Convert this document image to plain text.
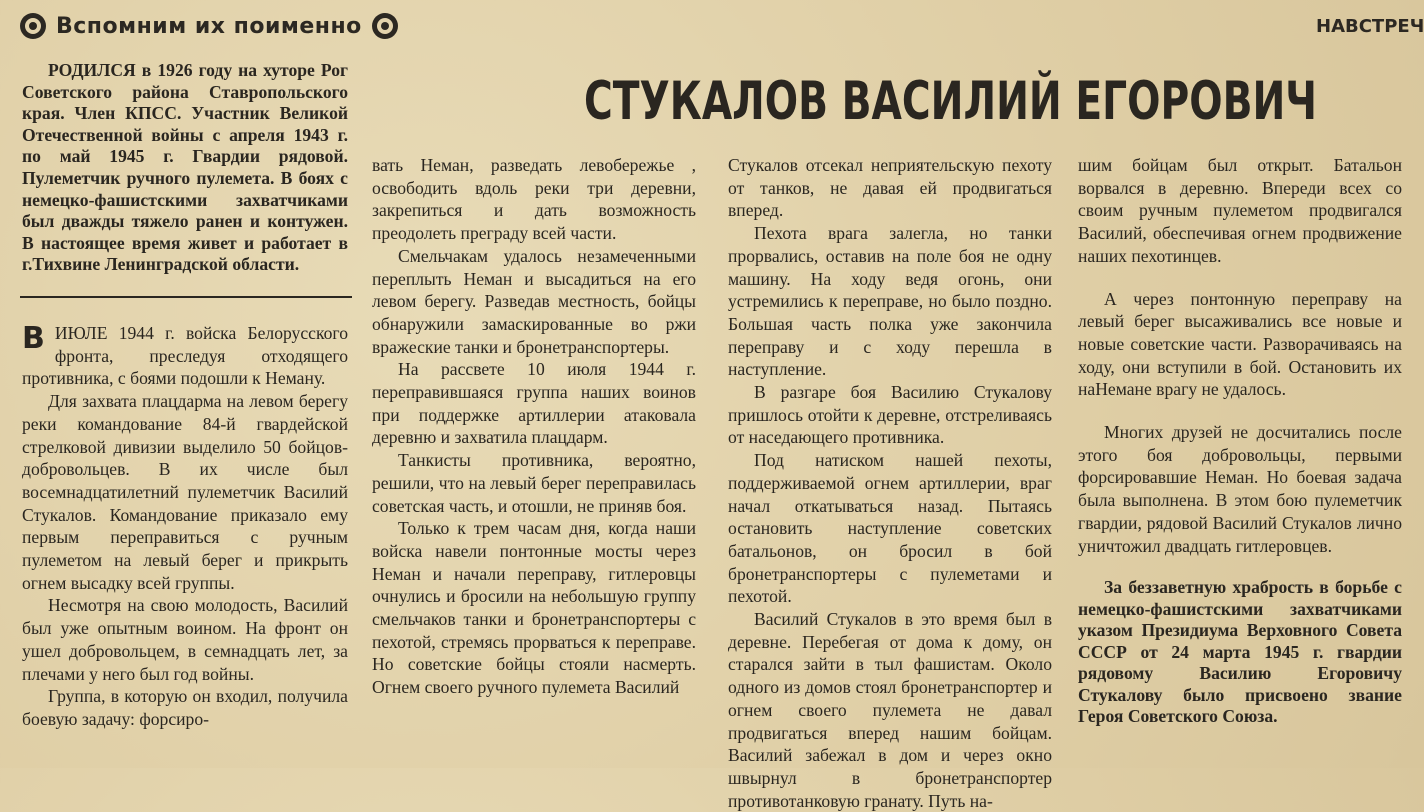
Вспомним их поименно	НАВСТРЕЧ
СТУКАЛОВ ВАСИЛИЙ ЕГОРОВИЧ

РОДИЛСЯ в 1926 году на хуторе Рог Советского района Ставропольского края. Член КПСС. Участник Великой Отечественной войны с апреля 1943 г. по май 1945 г. Гвардии рядовой. Пулеметчик ручного пулемета. В боях с немецко-фашистскими захватчиками был дважды тяжело ранен и контужен. В настоящее время живет и работает в г.Тихвине Ленинградской области.

ВИЮЛЕ 1944 г. войска Белорусского фронта, преследуя отходящего противника, с боями подошли к Неману.

Для захвата плацдарма на левом берегу реки командование 84-й гвардейской стрелковой дивизии выделило 50 бойцов-добровольцев. В их числе был восемнадцатилетний пулеметчик Василий Стукалов. Командование приказало ему первым переправиться с ручным пулеметом на левый берег и прикрыть огнем высадку всей группы.

Несмотря на свою молодость, Василий был уже опытным воином. На фронт он ушел добровольцем, в семнадцать лет, за плечами у него был год войны.

Группа, в которую он входил, получила боевую задачу: форсиро-

вать Неман, разведать левобережье , освободить вдоль реки три деревни, закрепиться и дать возможность преодолеть преграду всей части.

Смельчакам удалось незамеченными переплыть Неман и высадиться на его левом берегу. Разведав местность, бойцы обнаружили замаскированные во ржи вражеские танки и бронетранспортеры.

На рассвете 10 июля 1944 г. переправившаяся группа наших воинов при поддержке артиллерии атаковала деревню и захватила плацдарм.

Танкисты противника, вероятно, решили, что на левый берег переправилась советская часть, и отошли, не приняв боя.

Только к трем часам дня, когда наши войска навели понтонные мосты через Неман и начали переправу, гитлеровцы очнулись и бросили на небольшую группу смельчаков танки и бронетранспортеры с пехотой, стремясь прорваться к переправе. Но советские бойцы стояли насмерть. Огнем своего ручного пулемета Василий

Стукалов отсекал неприятельскую пехоту от танков, не давая ей продвигаться вперед.

Пехота врага залегла, но танки прорвались, оставив на поле боя не одну машину. На ходу ведя огонь, они устремились к переправе, но было поздно. Большая часть полка уже закончила переправу и с ходу перешла в наступление.

В разгаре боя Василию Стукалову пришлось отойти к деревне, отстреливаясь от наседающего противника.

Под натиском нашей пехоты, поддерживаемой огнем артиллерии, враг начал откатываться назад. Пытаясь остановить наступление советских батальонов, он бросил в бой бронетранспортеры с пулеметами и пехотой.

Василий Стукалов в это время был в деревне. Перебегая от дома к дому, он старался зайти в тыл фашистам. Около одного из домов стоял бронетранспортер и огнем своего пулемета не давал продвигаться вперед нашим бойцам. Василий забежал в дом и через окно швырнул в бронетранспортер противотанковую гранату. Путь на-

шим бойцам был открыт. Батальон ворвался в деревню. Впереди всех со своим ручным пулеметом продвигался Василий, обеспечивая огнем продвижение наших пехотинцев.

А через понтонную переправу на левый берег высаживались все новые и новые советские части. Разворачиваясь на ходу, они вступили в бой. Остановить их наНемане врагу не удалось.

Многих друзей не досчитались после этого боя добровольцы, первыми форсировавшие Неман. Но боевая задача была выполнена. В этом бою пулеметчик гвардии, рядовой Василий Стукалов лично уничтожил двадцать гитлеровцев.

За беззаветную храбрость в борьбе с немецко-фашистскими захватчиками указом Президиума Верховного Совета СССР от 24 марта 1945 г. гвардии рядовому Василию Егоровичу Стукалову было присвоено звание Героя Советского Союза.
